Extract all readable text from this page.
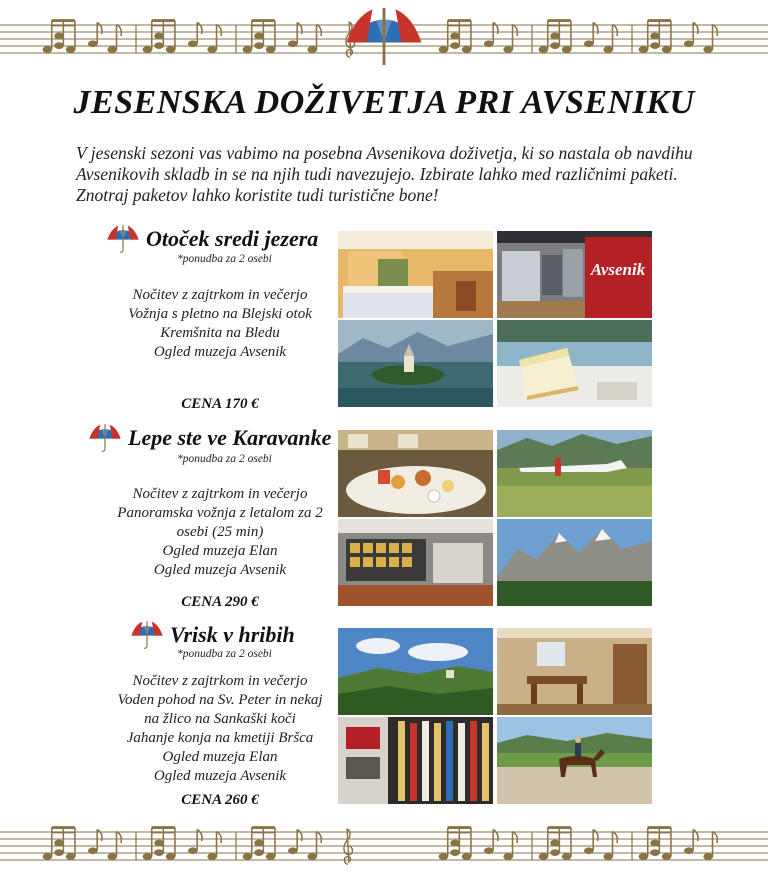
JESENSKA DOŽIVETJA PRI AVSENIKU
V jesenski sezoni vas vabimo na posebna Avsenikova doživetja, ki so nastala ob navdihu Avsenikovih skladb in se na njih tudi navezujejo. Izbirate lahko med različnimi paketi. Znotraj paketov lahko koristite tudi turistične bone!
Otoček sredi jezera
*ponudba za 2 osebi
Nočitev z zajtrkom in večerjo
Vožnja s pletno na Blejski otok
Kremšnita na Bledu
Ogled muzeja Avsenik
CENA 170 €
Avsenik
Lepe ste ve Karavanke
*ponudba za 2 osebi
Nočitev z zajtrkom in večerjo
Panoramska vožnja z letalom za 2
osebi (25 min)
Ogled muzeja Elan
Ogled muzeja Avsenik
CENA 290 €
Vrisk v hribih
*ponudba za 2 osebi
Nočitev z zajtrkom in večerjo
Voden pohod na Sv. Peter in nekaj
na žlico na Sankaški koči
Jahanje konja na kmetiji Bršca
Ogled muzeja Elan
Ogled muzeja Avsenik
CENA 260 €
